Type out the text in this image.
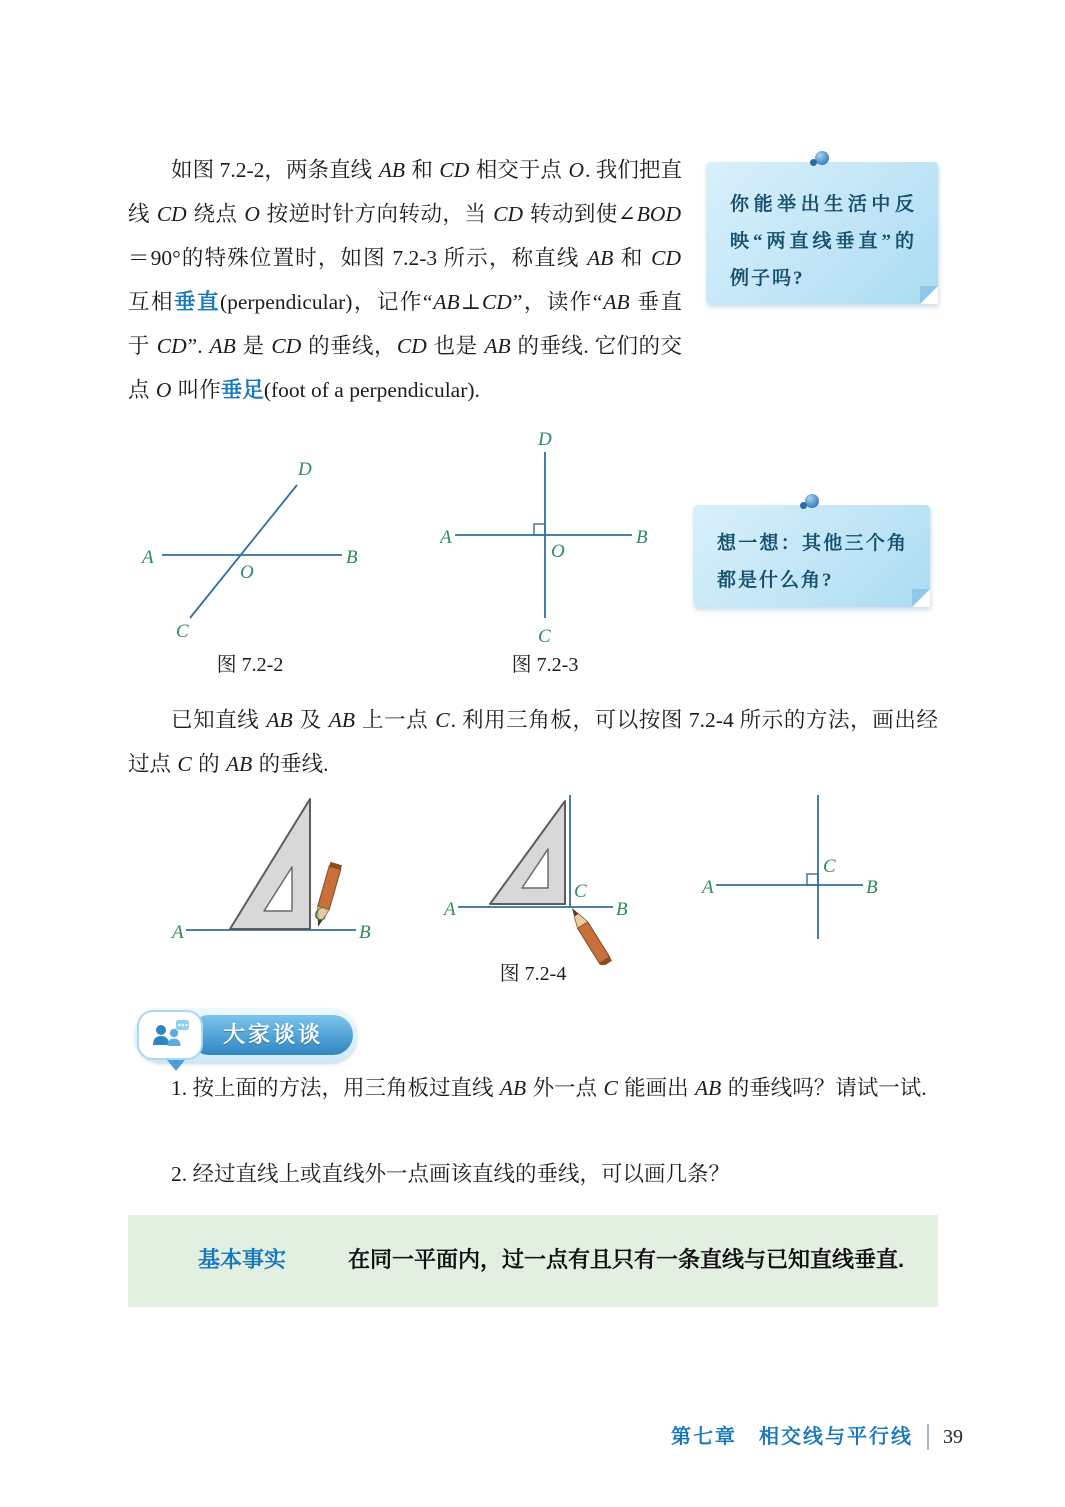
你能举出生活中反映“两直线垂直”的例子吗?

如图 7.2-2，两条直线 AB 和 CD 相交于点 O. 我们把直线 CD 绕点 O 按逆时针方向转动，当 CD 转动到使∠BOD＝90°的特殊位置时，如图 7.2-3 所示，称直线 AB 和 CD 互相垂直(perpendicular)，记作“AB⊥CD”，读作“AB 垂直于 CD”. AB 是 CD 的垂线，CD 也是 AB 的垂线. 它们的交点 O 叫作垂足(foot of a perpendicular).

A	B
C
D
O
图 7.2-2
D
C
A	B
O
图 7.2-3
想一想：其他三个角都是什么角?

已知直线 AB 及 AB 上一点 C. 利用三角板，可以按图 7.2-4 所示的方法，画出经过点 C 的 AB 的垂线.

A	B
C	A	B
C	A	B
C
图 7.2-4
大家谈谈

1. 按上面的方法，用三角板过直线 AB 外一点 C 能画出 AB 的垂线吗？请试一试.

2. 经过直线上或直线外一点画该直线的垂线，可以画几条？

基本事实	在同一平面内，过一点有且只有一条直线与已知直线垂直.
第七章　相交线与平行线 39
